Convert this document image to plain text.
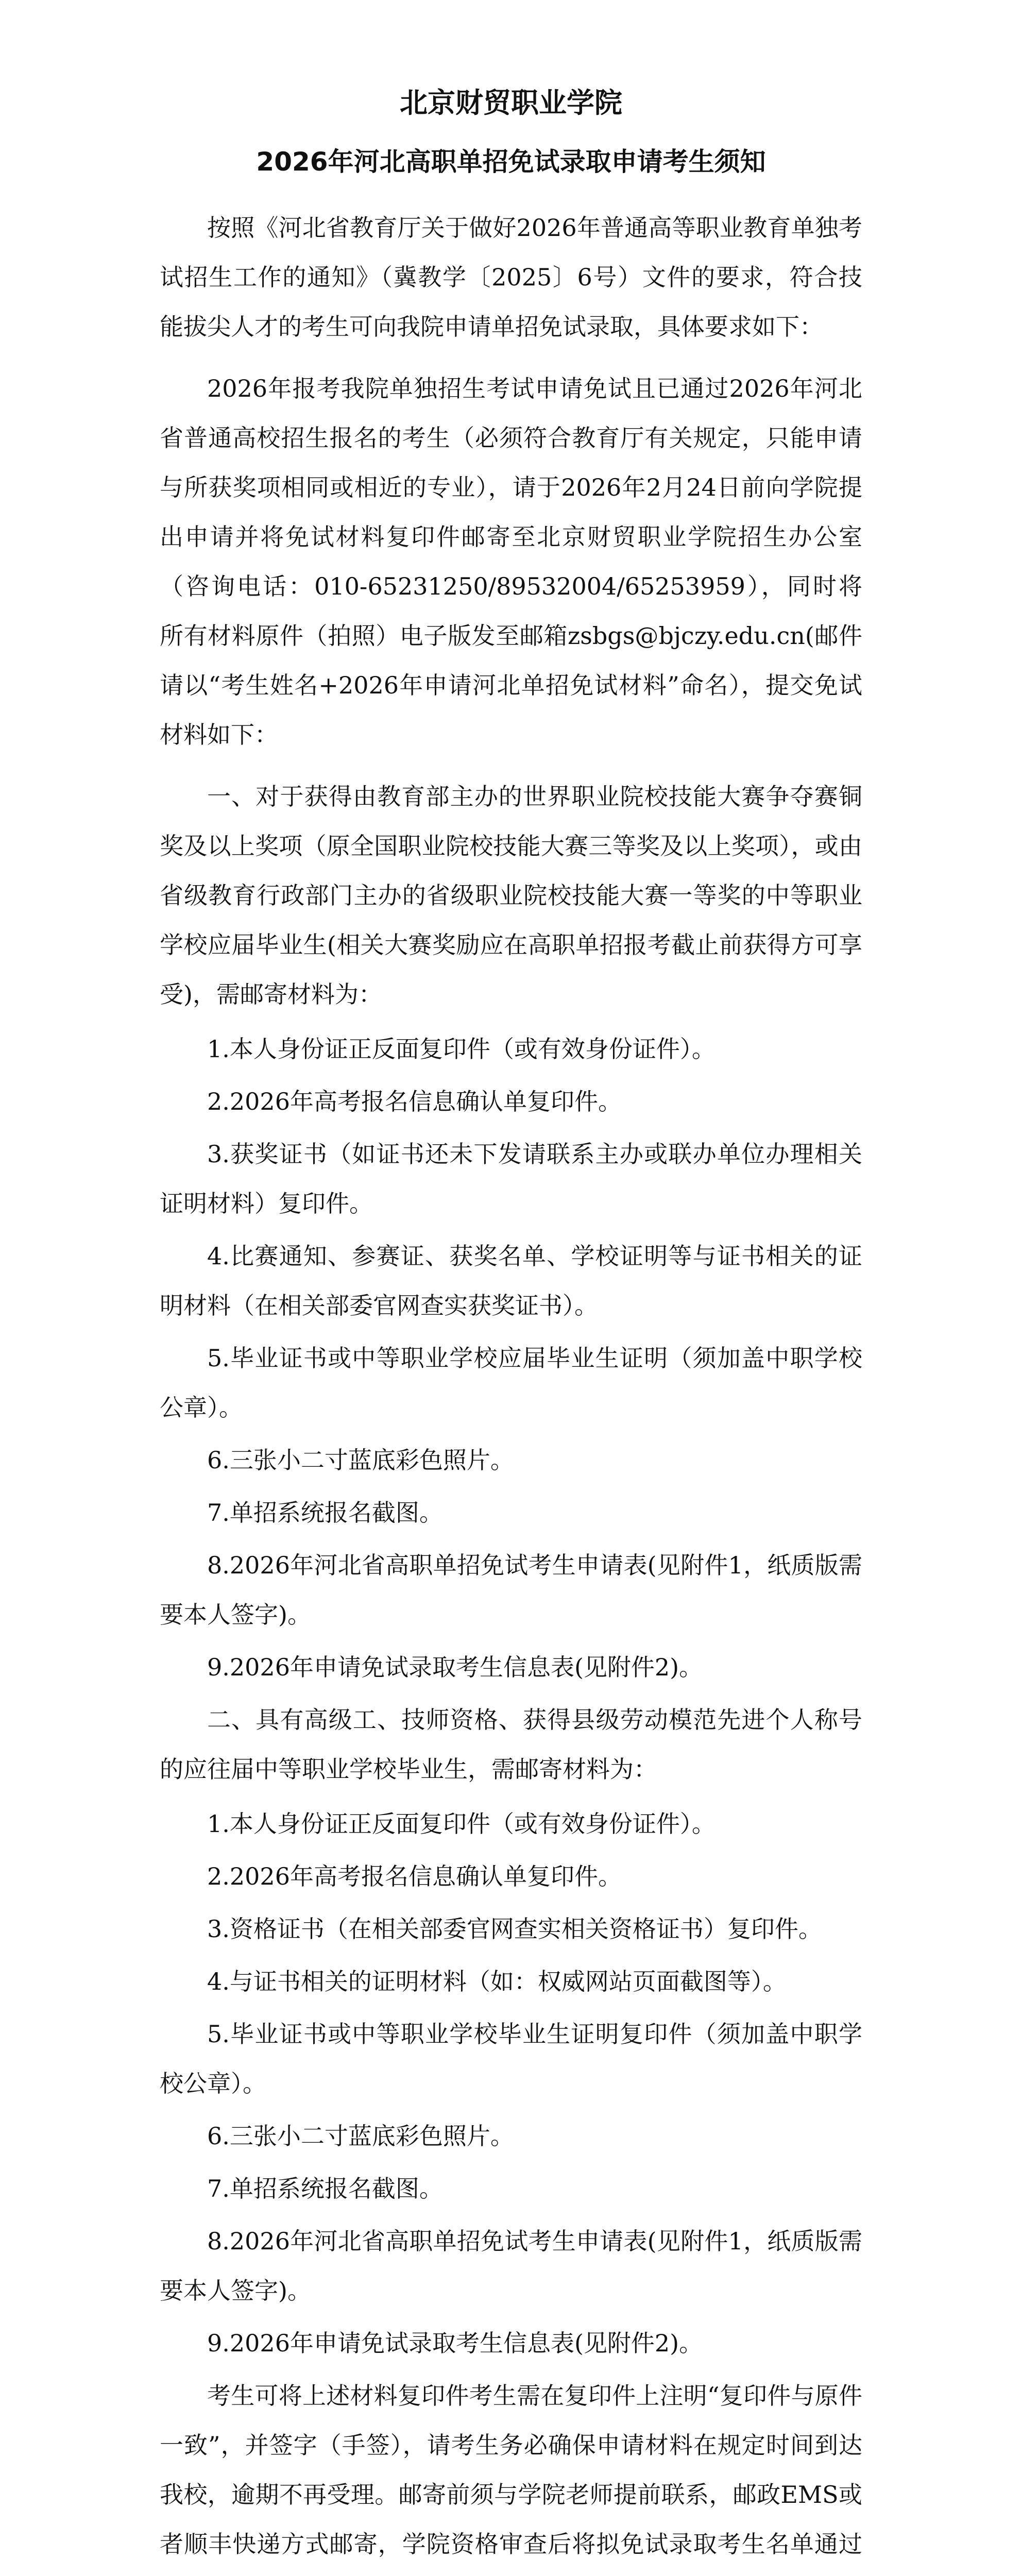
北京财贸职业学院
2026年河北高职单招免试录取申请考生须知

按照《河北省教育厅关于做好2026年普通高等职业教育单独考试招生工作的通知》（冀教学〔2025〕6号）文件的要求，符合技能拔尖人才的考生可向我院申请单招免试录取，具体要求如下：

2026年报考我院单独招生考试申请免试且已通过2026年河北省普通高校招生报名的考生（必须符合教育厅有关规定，只能申请与所获奖项相同或相近的专业），请于2026年2月24日前向学院提出申请并将免试材料复印件邮寄至北京财贸职业学院招生办公室（咨询电话：010-65231250/89532004/65253959），同时将所有材料原件（拍照）电子版发至邮箱zsbgs@bjczy.edu.cn(邮件请以“考生姓名+2026年申请河北单招免试材料”命名），提交免试材料如下：

一、对于获得由教育部主办的世界职业院校技能大赛争夺赛铜奖及以上奖项（原全国职业院校技能大赛三等奖及以上奖项），或由省级教育行政部门主办的省级职业院校技能大赛一等奖的中等职业学校应届毕业生(相关大赛奖励应在高职单招报考截止前获得方可享受)，需邮寄材料为：

1.本人身份证正反面复印件（或有效身份证件）。

2.2026年高考报名信息确认单复印件。

3.获奖证书（如证书还未下发请联系主办或联办单位办理相关证明材料）复印件。

4.比赛通知、参赛证、获奖名单、学校证明等与证书相关的证明材料（在相关部委官网查实获奖证书）。

5.毕业证书或中等职业学校应届毕业生证明（须加盖中职学校公章）。

6.三张小二寸蓝底彩色照片。

7.单招系统报名截图。

8.2026年河北省高职单招免试考生申请表(见附件1，纸质版需要本人签字)。

9.2026年申请免试录取考生信息表(见附件2)。

二、具有高级工、技师资格、获得县级劳动模范先进个人称号的应往届中等职业学校毕业生，需邮寄材料为：

1.本人身份证正反面复印件（或有效身份证件）。

2.2026年高考报名信息确认单复印件。

3.资格证书（在相关部委官网查实相关资格证书）复印件。

4.与证书相关的证明材料（如：权威网站页面截图等）。

5.毕业证书或中等职业学校毕业生证明复印件（须加盖中职学校公章）。

6.三张小二寸蓝底彩色照片。

7.单招系统报名截图。

8.2026年河北省高职单招免试考生申请表(见附件1，纸质版需要本人签字)。

9.2026年申请免试录取考生信息表(见附件2)。

考生可将上述材料复印件考生需在复印件上注明“复印件与原件一致”，并签字（手签），请考生务必确保申请材料在规定时间到达我校，逾期不再受理。邮寄前须与学院老师提前联系，邮政EMS或者顺丰快递方式邮寄，学院资格审查后将拟免试录取考生名单通过
